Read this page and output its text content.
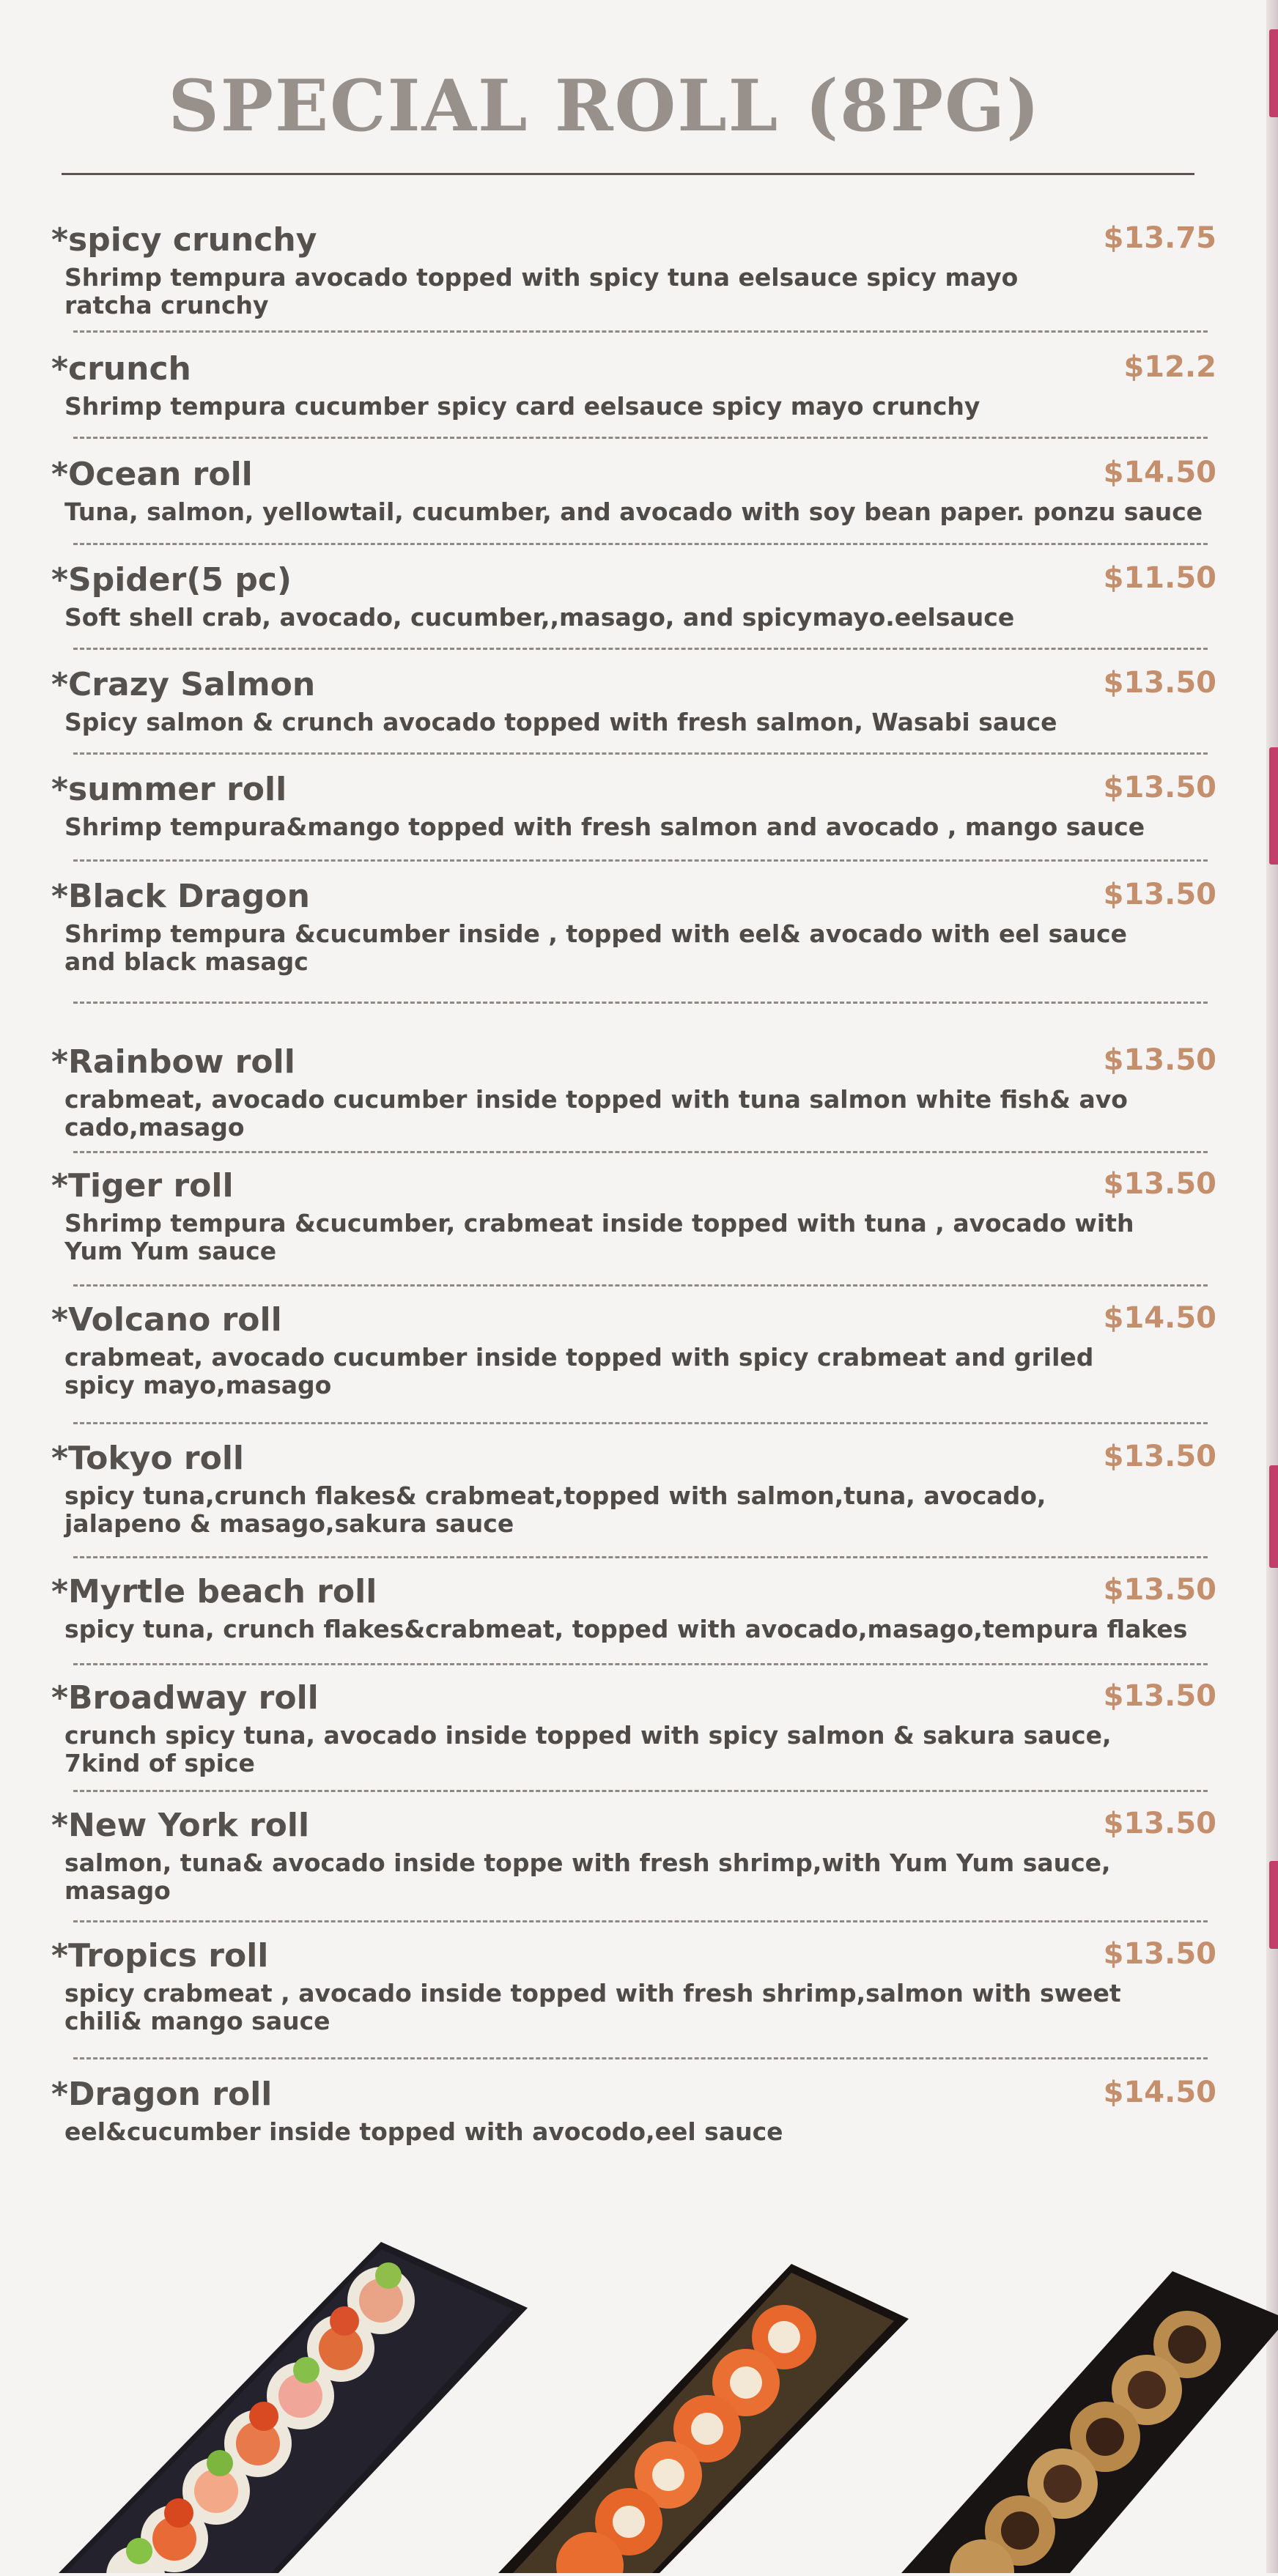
SPECIAL ROLL (8PG)
*spicy crunchy	$13.75
Shrimp tempura avocado topped with spicy tuna eelsauce spicy mayo
ratcha crunchy
*crunch	$12.2
Shrimp tempura cucumber spicy card eelsauce spicy mayo crunchy
*Ocean roll	$14.50
Tuna, salmon, yellowtail, cucumber, and avocado with soy bean paper. ponzu sauce
*Spider(5 pc)	$11.50
Soft shell crab, avocado, cucumber,,masago, and spicymayo.eelsauce
*Crazy Salmon	$13.50
Spicy salmon & crunch avocado topped with fresh salmon, Wasabi sauce
*summer roll	$13.50
Shrimp tempura&mango topped with fresh salmon and avocado , mango sauce
*Black Dragon	$13.50
Shrimp tempura &cucumber inside , topped with eel& avocado with eel sauce
and black masagc
*Rainbow roll	$13.50
crabmeat, avocado cucumber inside topped with tuna salmon white fish& avo
cado,masago
*Tiger roll	$13.50
Shrimp tempura &cucumber, crabmeat inside topped with tuna , avocado with
Yum Yum sauce
*Volcano roll	$14.50
crabmeat, avocado cucumber inside topped with spicy crabmeat and griled
spicy mayo,masago
*Tokyo roll	$13.50
spicy tuna,crunch flakes& crabmeat,topped with salmon,tuna, avocado,
jalapeno & masago,sakura sauce
*Myrtle beach roll	$13.50
spicy tuna, crunch flakes&crabmeat, topped with avocado,masago,tempura flakes
*Broadway roll	$13.50
crunch spicy tuna, avocado inside topped with spicy salmon & sakura sauce,
7kind of spice
*New York roll	$13.50
salmon, tuna& avocado inside toppe with fresh shrimp,with Yum Yum sauce,
masago
*Tropics roll	$13.50
spicy crabmeat , avocado inside topped with fresh shrimp,salmon with sweet
chili& mango sauce
*Dragon roll	$14.50
eel&cucumber inside topped with avocodo,eel sauce
